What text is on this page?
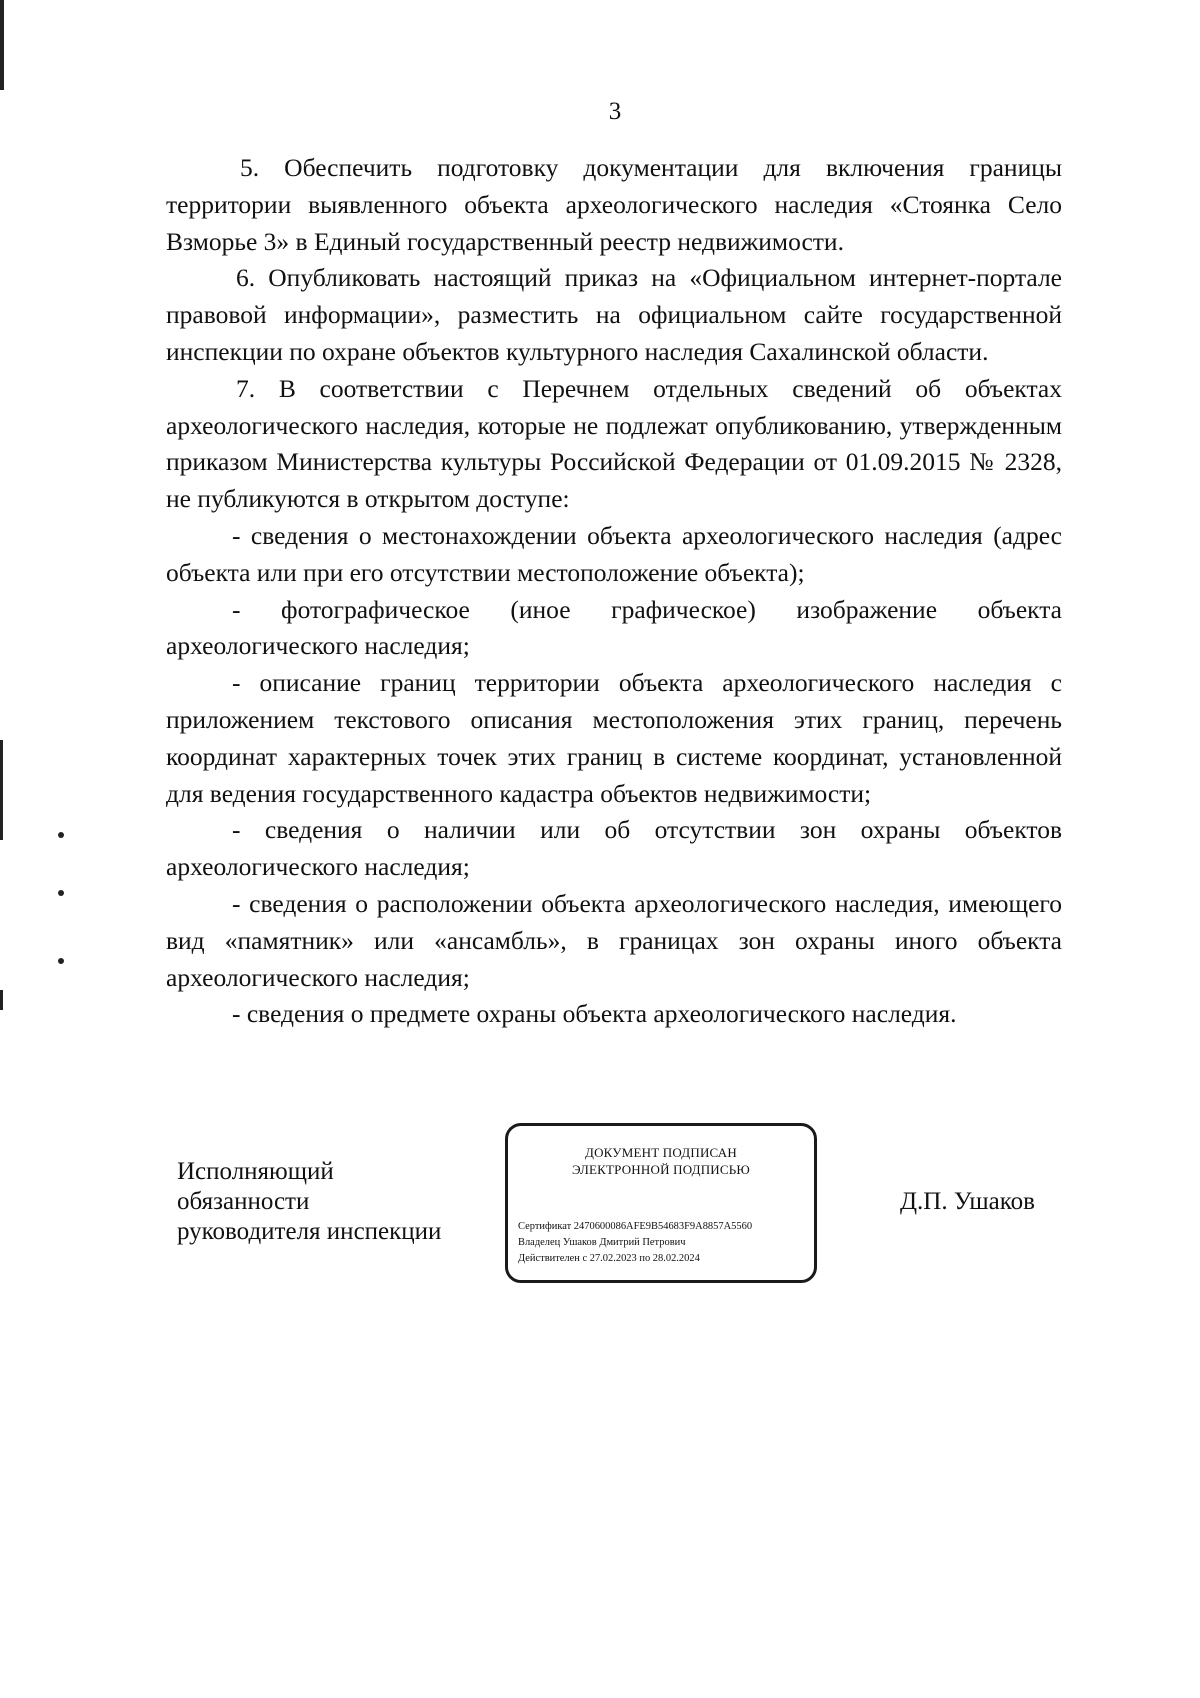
3

5. Обеспечить подготовку документации для включения границы территории выявленного объекта археологического наследия «Стоянка Село Взморье 3» в Единый государственный реестр недвижимости.

6. Опубликовать настоящий приказ на «Официальном интернет-портале правовой информации», разместить на официальном сайте государственной инспекции по охране объектов культурного наследия Сахалинской области.

7. В соответствии с Перечнем отдельных сведений об объектах археологического наследия, которые не подлежат опубликованию, утвержденным приказом Министерства культуры Российской Федерации от 01.09.2015 № 2328, не публикуются в открытом доступе:

- сведения о местонахождении объекта археологического наследия (адрес объекта или при его отсутствии местоположение объекта);

- фотографическое (иное графическое) изображение объекта археологического наследия;

- описание границ территории объекта археологического наследия с приложением текстового описания местоположения этих границ, перечень координат характерных точек этих границ в системе координат, установленной для ведения государственного кадастра объектов недвижимости;

- сведения о наличии или об отсутствии зон охраны объектов археологического наследия;

- сведения о расположении объекта археологического наследия, имеющего вид «памятник» или «ансамбль», в границах зон охраны иного объекта археологического наследия;

- сведения о предмете охраны объекта археологического наследия.

Исполняющий
обязанности
руководителя инспекции
ДОКУМЕНТ ПОДПИСАН
ЭЛЕКТРОННОЙ ПОДПИСЬЮ
Сертификат 2470600086AFE9B54683F9A8857A5560
Владелец Ушаков Дмитрий Петрович
Действителен с 27.02.2023 по 28.02.2024
Д.П. Ушаков
